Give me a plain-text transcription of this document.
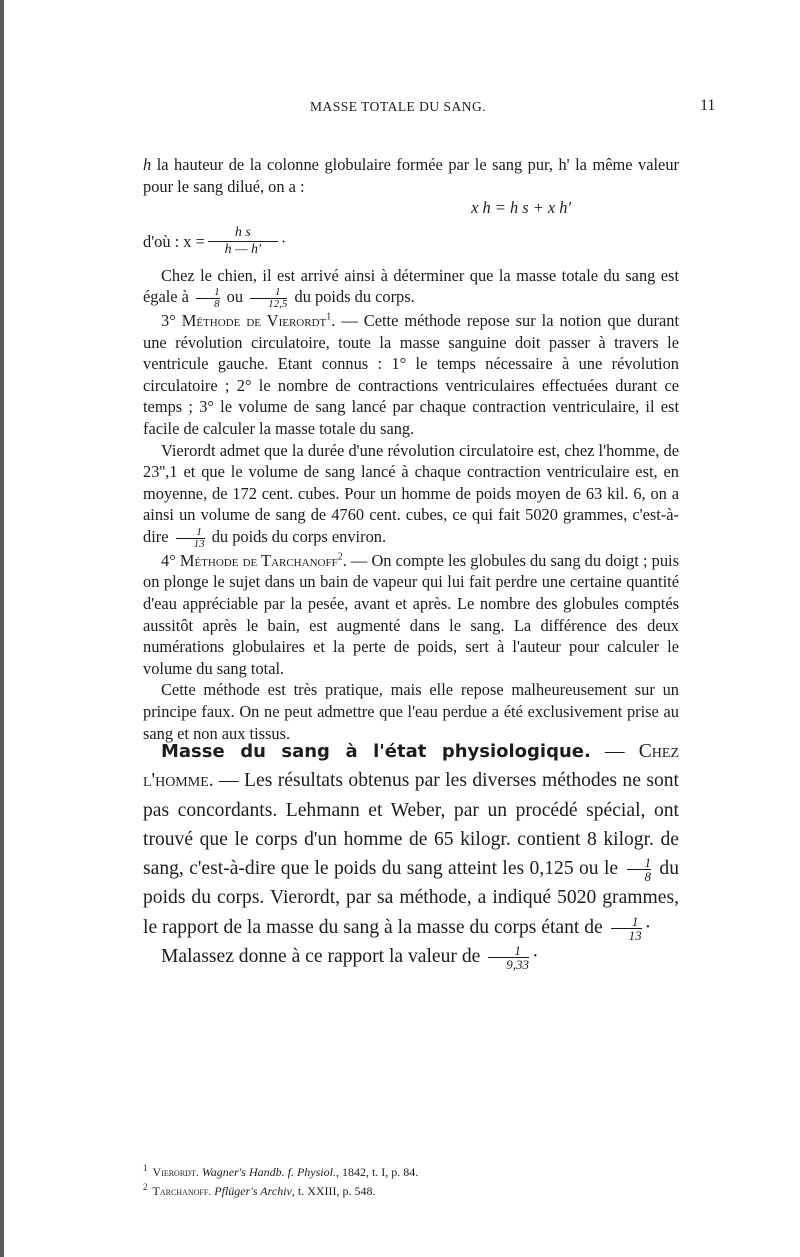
MASSE TOTALE DU SANG.	11

h la hauteur de la colonne globulaire formée par le sang pur, h' la même valeur pour le sang dilué, on a :

x h = h s + x h'

d'où : $x = \frac{\text{h s}}{h — h'}$ ·

Chez le chien, il est arrivé ainsi à déterminer que la masse totale du sang est égale à $\frac{1}{8}$ ou $\frac{1}{12,5}$ du poids du corps.

3° Méthode de Vierordt$^1$. — Cette méthode repose sur la notion que durant une révolution circulatoire, toute la masse sanguine doit passer à travers le ventricule gauche. Etant connus : 1° le temps nécessaire à une révolution circulatoire ; 2° le nombre de contractions ventriculaires effectuées durant ce temps ; 3° le volume de sang lancé par chaque contraction ventriculaire, il est facile de calculer la masse totale du sang.

Vierordt admet que la durée d'une révolution circulatoire est, chez l'homme, de 23'',1 et que le volume de sang lancé à chaque contraction ventriculaire est, en moyenne, de 172 cent. cubes. Pour un homme de poids moyen de 63 kil. 6, on a ainsi un volume de sang de 4760 cent. cubes, ce qui fait 5020 grammes, c'est-à-dire $\frac{1}{13}$ du poids du corps environ.

4° Méthode de Tarchanoff$^2$. — On compte les globules du sang du doigt ; puis on plonge le sujet dans un bain de vapeur qui lui fait perdre une certaine quantité d'eau appréciable par la pesée, avant et après. Le nombre des globules comptés aussitôt après le bain, est augmenté dans le sang. La différence des deux numérations globulaires et la perte de poids, sert à l'auteur pour calculer le volume du sang total.

Cette méthode est très pratique, mais elle repose malheureusement sur un principe faux. On ne peut admettre que l'eau perdue a été exclusivement prise au sang et non aux tissus.

Masse du sang à l'état physiologique. — Chez l'homme. — Les résultats obtenus par les diverses méthodes ne sont pas concordants. Lehmann et Weber, par un procédé spécial, ont trouvé que le corps d'un homme de 65 kilogr. contient 8 kilogr. de sang, c'est-à-dire que le poids du sang atteint les 0,125 ou le $\frac{1}{8}$ du poids du corps. Vierordt, par sa méthode, a indiqué 5020 grammes, le rapport de la masse du sang à la masse du corps étant de $\frac{1}{13}$ ·

Malassez donne à ce rapport la valeur de $\frac{1}{9,33}$ ·

$^1$ Vierordt. Wagner's Handb. f. Physiol., 1842, t. I, p. 84.

$^2$ Tarchanoff. Pflüger's Archiv, t. XXIII, p. 548.
